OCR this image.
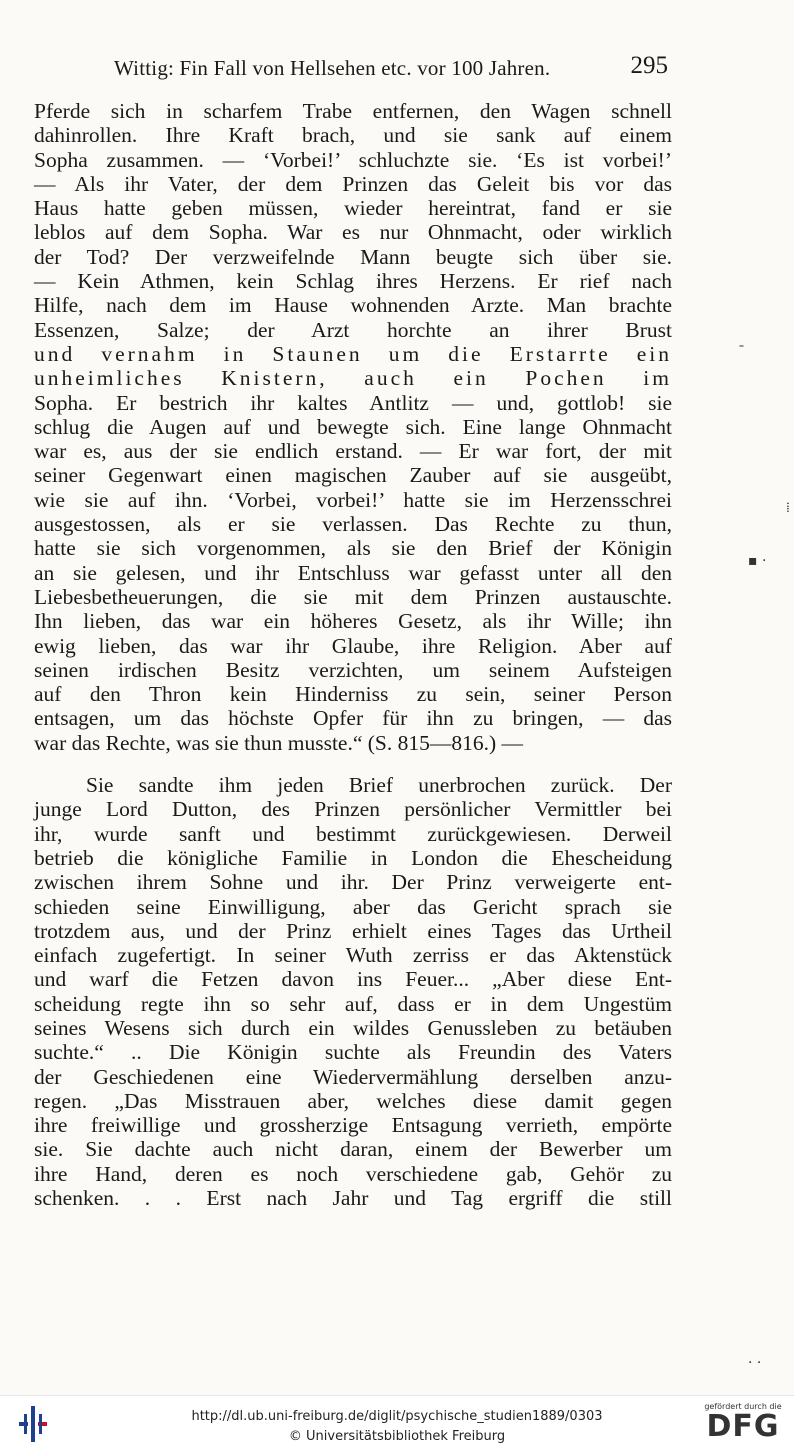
Wittig: Fin Fall von Hellsehen etc. vor 100 Jahren.	295
Pferde sich in scharfem Trabe entfernen, den Wagen schnell
dahinrollen. Ihre Kraft brach, und sie sank auf einem
Sopha zusammen. — ‘Vorbei!’ schluchzte sie. ‘Es ist vorbei!’
— Als ihr Vater, der dem Prinzen das Geleit bis vor das
Haus hatte geben müssen, wieder hereintrat, fand er sie
leblos auf dem Sopha. War es nur Ohnmacht, oder wirklich
der Tod? Der verzweifelnde Mann beugte sich über sie.
— Kein Athmen, kein Schlag ihres Herzens. Er rief nach
Hilfe, nach dem im Hause wohnenden Arzte. Man brachte
Essenzen, Salze; der Arzt horchte an ihrer Brust
und vernahm in Staunen um die Erstarrte ein
unheimliches Knistern, auch ein Pochen im
Sopha. Er bestrich ihr kaltes Antlitz — und, gottlob! sie
schlug die Augen auf und bewegte sich. Eine lange Ohnmacht
war es, aus der sie endlich erstand. — Er war fort, der mit
seiner Gegenwart einen magischen Zauber auf sie ausgeübt,
wie sie auf ihn. ‘Vorbei, vorbei!’ hatte sie im Herzensschrei
ausgestossen, als er sie verlassen. Das Rechte zu thun,
hatte sie sich vorgenommen, als sie den Brief der Königin
an sie gelesen, und ihr Entschluss war gefasst unter all den
Liebesbetheuerungen, die sie mit dem Prinzen austauschte.
Ihn lieben, das war ein höheres Gesetz, als ihr Wille; ihn
ewig lieben, das war ihr Glaube, ihre Religion. Aber auf
seinen irdischen Besitz verzichten, um seinem Aufsteigen
auf den Thron kein Hinderniss zu sein, seiner Person
entsagen, um das höchste Opfer für ihn zu bringen, — das
war das Rechte, was sie thun musste.“ (S. 815—816.) —
Sie sandte ihm jeden Brief unerbrochen zurück. Der
junge Lord Dutton, des Prinzen persönlicher Vermittler bei
ihr, wurde sanft und bestimmt zurückgewiesen. Derweil
betrieb die königliche Familie in London die Ehescheidung
zwischen ihrem Sohne und ihr. Der Prinz verweigerte ent-
schieden seine Einwilligung, aber das Gericht sprach sie
trotzdem aus, und der Prinz erhielt eines Tages das Urtheil
einfach zugefertigt. In seiner Wuth zerriss er das Aktenstück
und warf die Fetzen davon ins Feuer... „Aber diese Ent-
scheidung regte ihn so sehr auf, dass er in dem Ungestüm
seines Wesens sich durch ein wildes Genussleben zu betäuben
suchte.“ .. Die Königin suchte als Freundin des Vaters
der Geschiedenen eine Wiedervermählung derselben anzu-
regen. „Das Misstrauen aber, welches diese damit gegen
ihre freiwillige und grossherzige Entsagung verrieth, empörte
sie. Sie dachte auch nicht daran, einem der Bewerber um
ihre Hand, deren es noch verschiedene gab, Gehör zu
schenken. . . Erst nach Jahr und Tag ergriff die still
ˉ
▪ ·
⁞
· ·
http://dl.ub.uni-freiburg.de/diglit/psychische_studien1889/0303
© Universitätsbibliothek Freiburg
gefördert durch die
DFG
